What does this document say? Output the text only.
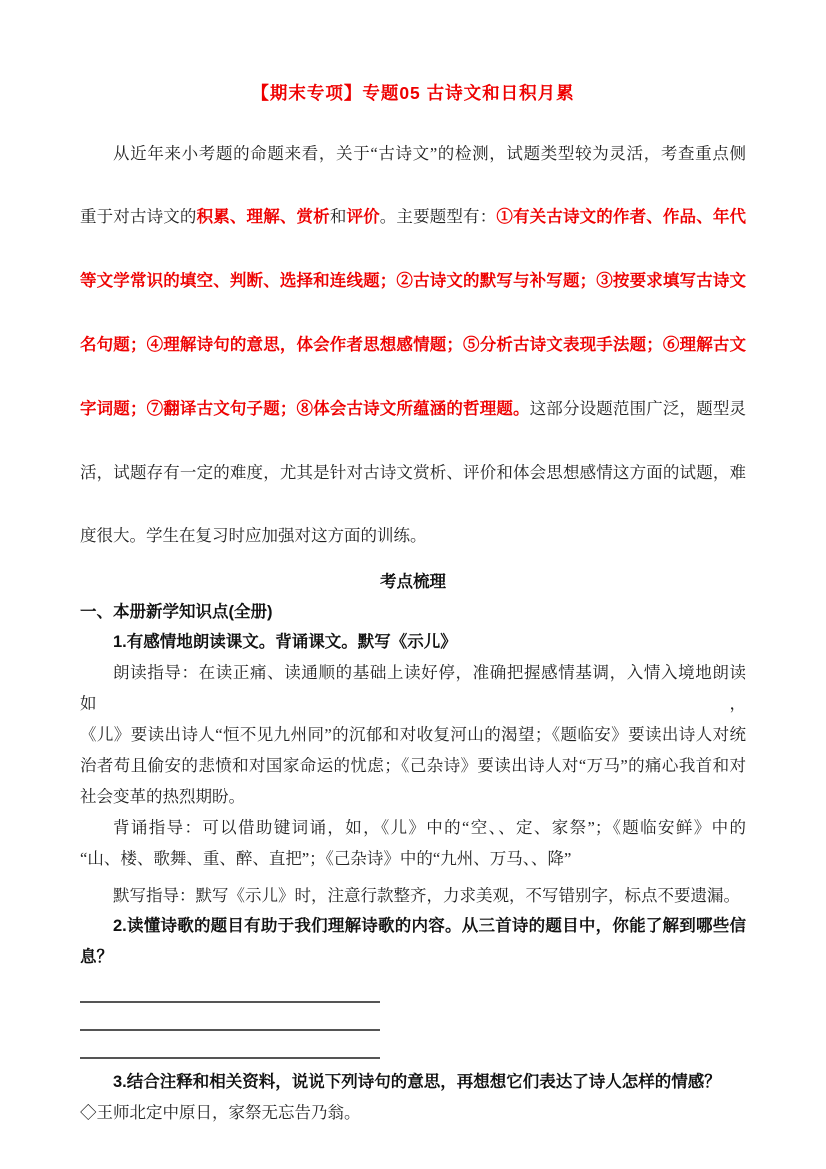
【期末专项】专题05 古诗文和日积月累
从近年来小考题的命题来看，关于“古诗文”的检测，试题类型较为灵活，考查重点侧
重于对古诗文的积累、理解、赏析和评价。主要题型有：①有关古诗文的作者、作品、年代
等文学常识的填空、判断、选择和连线题；②古诗文的默写与补写题；③按要求填写古诗文
名句题；④理解诗句的意思，体会作者思想感情题；⑤分析古诗文表现手法题；⑥理解古文
字词题；⑦翻译古文句子题；⑧体会古诗文所蕴涵的哲理题。这部分设题范围广泛，题型灵
活，试题存有一定的难度，尤其是针对古诗文赏析、评价和体会思想感情这方面的试题，难
度很大。学生在复习时应加强对这方面的训练。
考点梳理
一、本册新学知识点(全册)
1.有感情地朗读课文。背诵课文。默写《示儿》
朗读指导：在读正痛、读通顺的基础上读好停，准确把握感情基调，入情入境地朗读如，
《儿》要读出诗人“恒不见九州同”的沉郁和对收复河山的渴望；《题临安》要读出诗人对统
治者苟且偷安的悲愤和对国家命运的忧虑；《己杂诗》要读出诗人对“万马”的痛心我首和对
社会变革的热烈期盼。
背诵指导：可以借助键词诵，如，《儿》中的“空、、定、家祭”；《题临安鲜》中的
“山、楼、歌舞、重、醉、直把”；《己杂诗》中的“九州、万马、、降”
默写指导：默写《示儿》时，注意行款整齐，力求美观，不写错别字，标点不要遗漏。
2.读懂诗歌的题目有助于我们理解诗歌的内容。从三首诗的题目中，你能了解到哪些信
息？
3.结合注释和相关资料，说说下列诗句的意思，再想想它们表达了诗人怎样的情感？
◇王师北定中原日，家祭无忘告乃翁。
